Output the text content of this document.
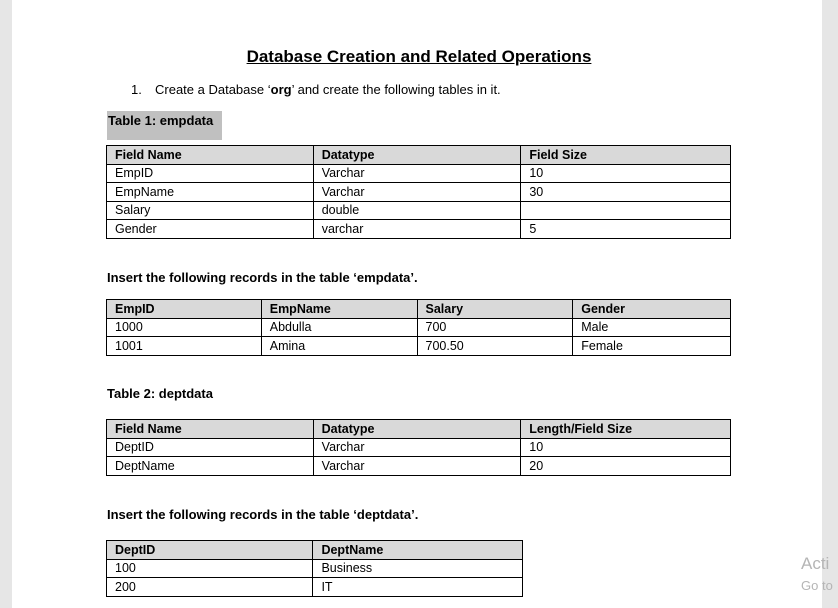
Database Creation and Related Operations
1. Create a Database ‘org’ and create the following tables in it.
Table 1: empdata
Field Name	Datatype	Field Size
EmpID	Varchar	10
EmpName	Varchar	30
Salary	double	
Gender	varchar	5
Insert the following records in the table ‘empdata’.
EmpID	EmpName	Salary	Gender
1000	Abdulla	700	Male
1001	Amina	700.50	Female
Table 2: deptdata
Field Name	Datatype	Length/Field Size
DeptID	Varchar	10
DeptName	Varchar	20
Insert the following records in the table ‘deptdata’.
DeptID	DeptName
100	Business
200	IT
Acti
Go to
